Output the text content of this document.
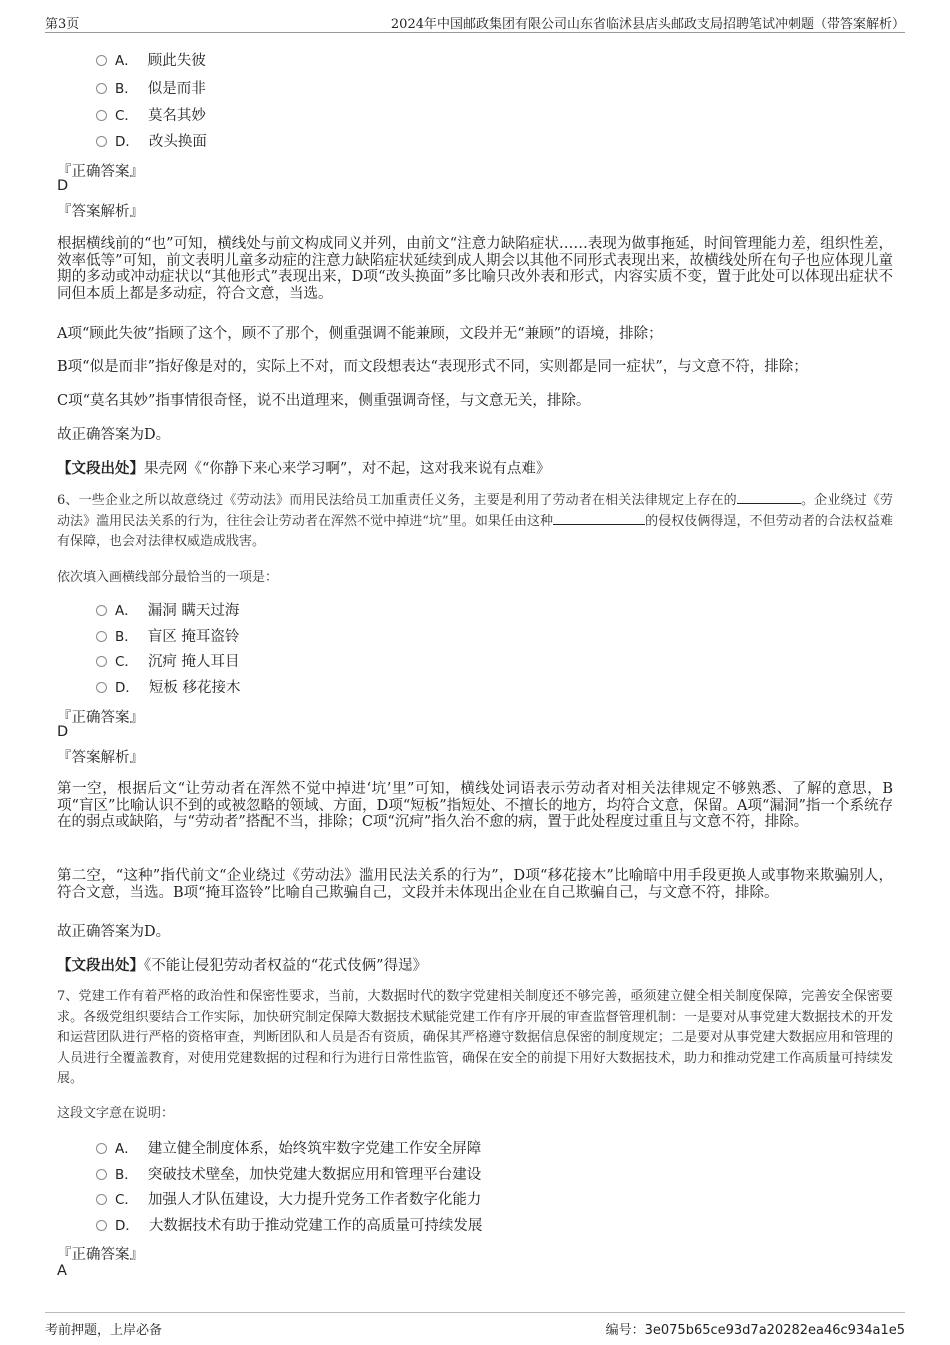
第3页	2024年中国邮政集团有限公司山东省临沭县店头邮政支局招聘笔试冲刺题（带答案解析）
A． 顾此失彼
B． 似是而非
C． 莫名其妙
D． 改头换面
『正确答案』
D
『答案解析』
根据横线前的“也”可知，横线处与前文构成同义并列，由前文“注意力缺陷症状……表现为做事拖延，时间管理能力差，组织性差，效率低等”可知，前文表明儿童多动症的注意力缺陷症状延续到成人期会以其他不同形式表现出来，故横线处所在句子也应体现儿童期的多动或冲动症状以“其他形式”表现出来，D项“改头换面”多比喻只改外表和形式，内容实质不变，置于此处可以体现出症状不同但本质上都是多动症，符合文意，当选。
A项“顾此失彼”指顾了这个，顾不了那个，侧重强调不能兼顾，文段并无“兼顾”的语境，排除；
B项“似是而非”指好像是对的，实际上不对，而文段想表达“表现形式不同，实则都是同一症状”，与文意不符，排除；
C项“莫名其妙”指事情很奇怪，说不出道理来，侧重强调奇怪，与文意无关，排除。
故正确答案为D。
【文段出处】果壳网《“你静下来心来学习啊”，对不起，这对我来说有点难》
6、一些企业之所以故意绕过《劳动法》而用民法给员工加重责任义务，主要是利用了劳动者在相关法律规定上存在的	。企业绕过《劳动法》滥用民法关系的行为，往往会让劳动者在浑然不觉中掉进“坑”里。如果任由这种	的侵权伎俩得逞，不但劳动者的合法权益难有保障，也会对法律权威造成戕害。
依次填入画横线部分最恰当的一项是：
A． 漏洞 瞒天过海
B． 盲区 掩耳盗铃
C． 沉疴 掩人耳目
D． 短板 移花接木
『正确答案』
D
『答案解析』
第一空，根据后文“让劳动者在浑然不觉中掉进‘坑’里”可知，横线处词语表示劳动者对相关法律规定不够熟悉、了解的意思，B项“盲区”比喻认识不到的或被忽略的领域、方面，D项“短板”指短处、不擅长的地方，均符合文意，保留。A项“漏洞”指一个系统存在的弱点或缺陷，与“劳动者”搭配不当，排除；C项“沉疴”指久治不愈的病，置于此处程度过重且与文意不符，排除。
第二空，“这种”指代前文“企业绕过《劳动法》滥用民法关系的行为”，D项“移花接木”比喻暗中用手段更换人或事物来欺骗别人，符合文意，当选。B项“掩耳盗铃”比喻自己欺骗自己，文段并未体现出企业在自己欺骗自己，与文意不符，排除。
故正确答案为D。
【文段出处】《不能让侵犯劳动者权益的“花式伎俩”得逞》
7、党建工作有着严格的政治性和保密性要求，当前，大数据时代的数字党建相关制度还不够完善，亟须建立健全相关制度保障，完善安全保密要求。各级党组织要结合工作实际，加快研究制定保障大数据技术赋能党建工作有序开展的审查监督管理机制：一是要对从事党建大数据技术的开发和运营团队进行严格的资格审查，判断团队和人员是否有资质，确保其严格遵守数据信息保密的制度规定；二是要对从事党建大数据应用和管理的人员进行全覆盖教育，对使用党建数据的过程和行为进行日常性监管，确保在安全的前提下用好大数据技术，助力和推动党建工作高质量可持续发展。
这段文字意在说明：
A． 建立健全制度体系，始终筑牢数字党建工作安全屏障
B． 突破技术壁垒，加快党建大数据应用和管理平台建设
C． 加强人才队伍建设，大力提升党务工作者数字化能力
D． 大数据技术有助于推动党建工作的高质量可持续发展
『正确答案』
A
考前押题，上岸必备	编号：3e075b65ce93d7a20282ea46c934a1e5
